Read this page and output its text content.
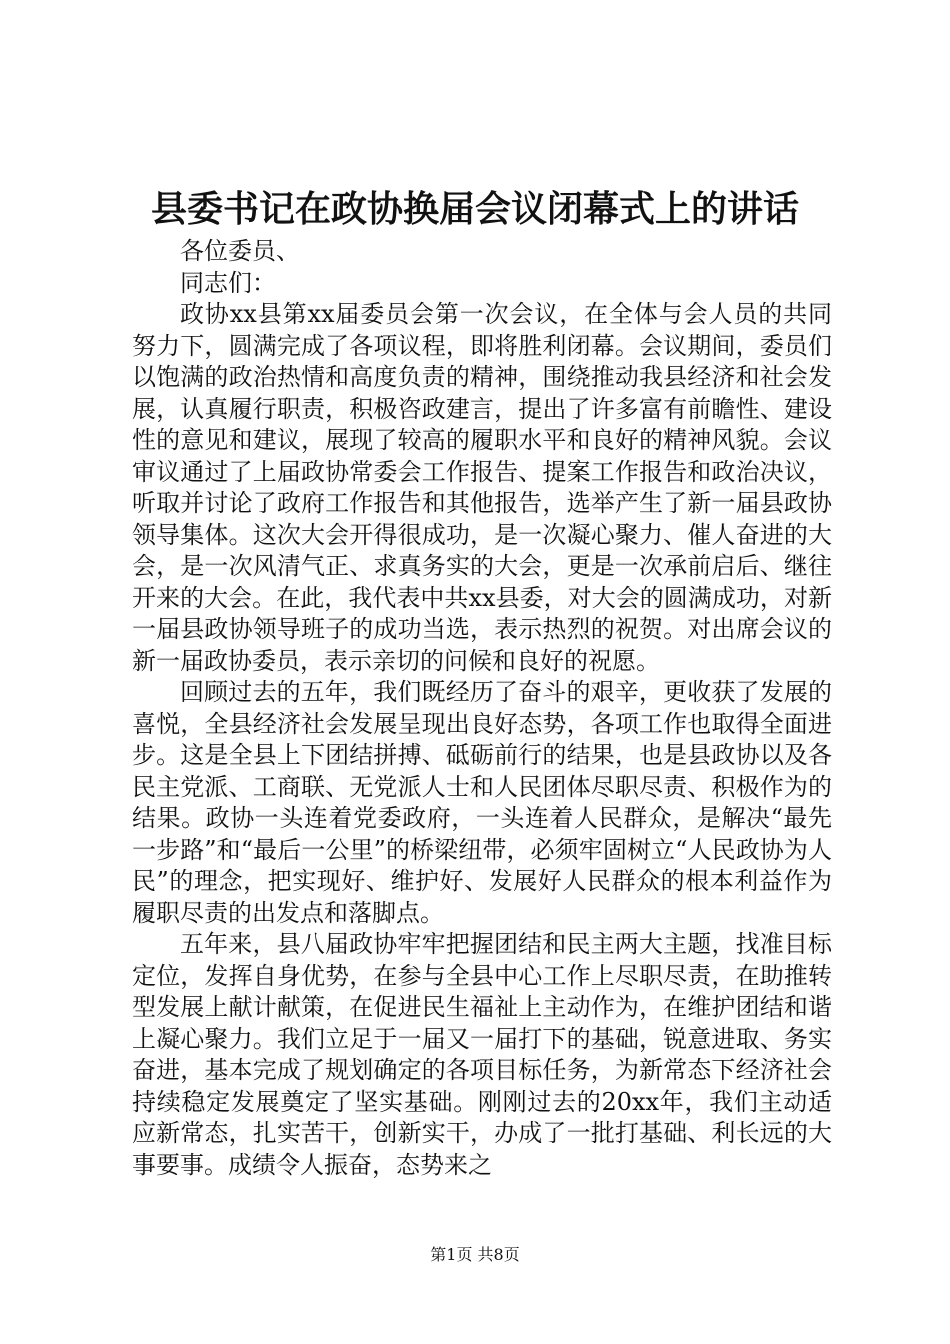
县委书记在政协换届会议闭幕式上的讲话

各位委员、

同志们：

政协xx县第xx届委员会第一次会议，在全体与会人员的共同努力下，圆满完成了各项议程，即将胜利闭幕。会议期间，委员们以饱满的政治热情和高度负责的精神，围绕推动我县经济和社会发展，认真履行职责，积极咨政建言，提出了许多富有前瞻性、建设性的意见和建议，展现了较高的履职水平和良好的精神风貌。会议审议通过了上届政协常委会工作报告、提案工作报告和政治决议，听取并讨论了政府工作报告和其他报告，选举产生了新一届县政协领导集体。这次大会开得很成功，是一次凝心聚力、催人奋进的大会，是一次风清气正、求真务实的大会，更是一次承前启后、继往开来的大会。在此，我代表中共xx县委，对大会的圆满成功，对新一届县政协领导班子的成功当选，表示热烈的祝贺。对出席会议的新一届政协委员，表示亲切的问候和良好的祝愿。

回顾过去的五年，我们既经历了奋斗的艰辛，更收获了发展的喜悦，全县经济社会发展呈现出良好态势，各项工作也取得全面进步。这是全县上下团结拼搏、砥砺前行的结果，也是县政协以及各民主党派、工商联、无党派人士和人民团体尽职尽责、积极作为的结果。政协一头连着党委政府，一头连着人民群众，是解决“最先一步路”和“最后一公里”的桥梁纽带，必须牢固树立“人民政协为人民”的理念，把实现好、维护好、发展好人民群众的根本利益作为履职尽责的出发点和落脚点。

五年来，县八届政协牢牢把握团结和民主两大主题，找准目标定位，发挥自身优势，在参与全县中心工作上尽职尽责，在助推转型发展上献计献策，在促进民生福祉上主动作为，在维护团结和谐上凝心聚力。我们立足于一届又一届打下的基础，锐意进取、务实奋进，基本完成了规划确定的各项目标任务，为新常态下经济社会持续稳定发展奠定了坚实基础。刚刚过去的20xx年，我们主动适应新常态，扎实苦干，创新实干，办成了一批打基础、利长远的大事要事。成绩令人振奋，态势来之

第1页 共8页
